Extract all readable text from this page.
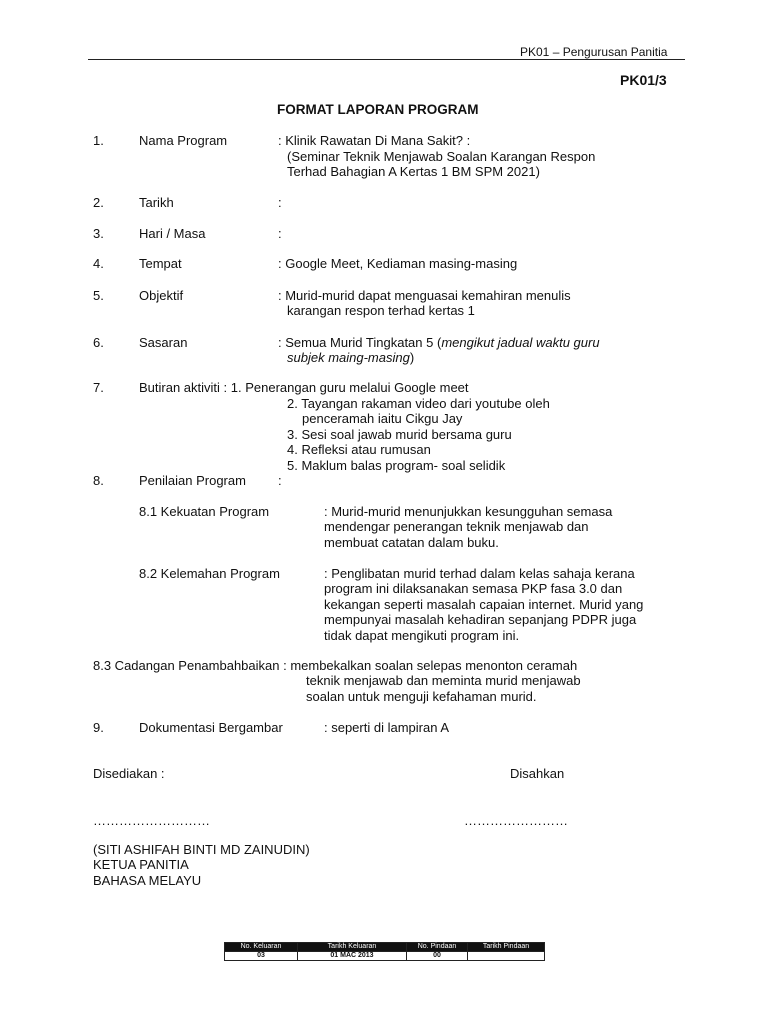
PK01 – Pengurusan Panitia
PK01/3
FORMAT LAPORAN PROGRAM
1.	Nama Program	: Klinik Rawatan Di Mana Sakit? :
(Seminar Teknik Menjawab Soalan Karangan Respon
Terhad Bahagian A Kertas 1 BM SPM 2021)
2.	Tarikh	:
3.	Hari / Masa	:
4.	Tempat	: Google Meet, Kediaman masing-masing
5.	Objektif	: Murid-murid dapat menguasai kemahiran menulis
karangan respon terhad kertas 1
6.	Sasaran	: Semua Murid Tingkatan 5 (mengikut jadual waktu guru
subjek maing-masing)
7.	Butiran aktiviti : 1. Penerangan guru melalui Google meet
2. Tayangan rakaman video dari youtube oleh
penceramah iaitu Cikgu Jay
3. Sesi soal jawab murid bersama guru
4. Refleksi atau rumusan
5. Maklum balas program- soal selidik
8.	Penilaian Program :
8.1 Kekuatan Program	: Murid-murid menunjukkan kesungguhan semasa
mendengar penerangan teknik menjawab dan
membuat catatan dalam buku.
8.2 Kelemahan Program	: Penglibatan murid terhad dalam kelas sahaja kerana
program ini dilaksanakan semasa PKP fasa 3.0 dan
kekangan seperti masalah capaian internet. Murid yang
mempunyai masalah kehadiran sepanjang PDPR juga
tidak dapat mengikuti program ini.
8.3 Cadangan Penambahbaikan : membekalkan soalan selepas menonton ceramah
teknik menjawab dan meminta murid menjawab
soalan untuk menguji kefahaman murid.
9.	Dokumentasi Bergambar	: seperti di lampiran A
Disediakan :	Disahkan
………………………	……………………
(SITI ASHIFAH BINTI MD ZAINUDIN)
KETUA PANITIA
BAHASA MELAYU
No. Keluaran	Tarikh Keluaran	No. Pindaan	Tarikh Pindaan
03	01 MAC 2013	00	
